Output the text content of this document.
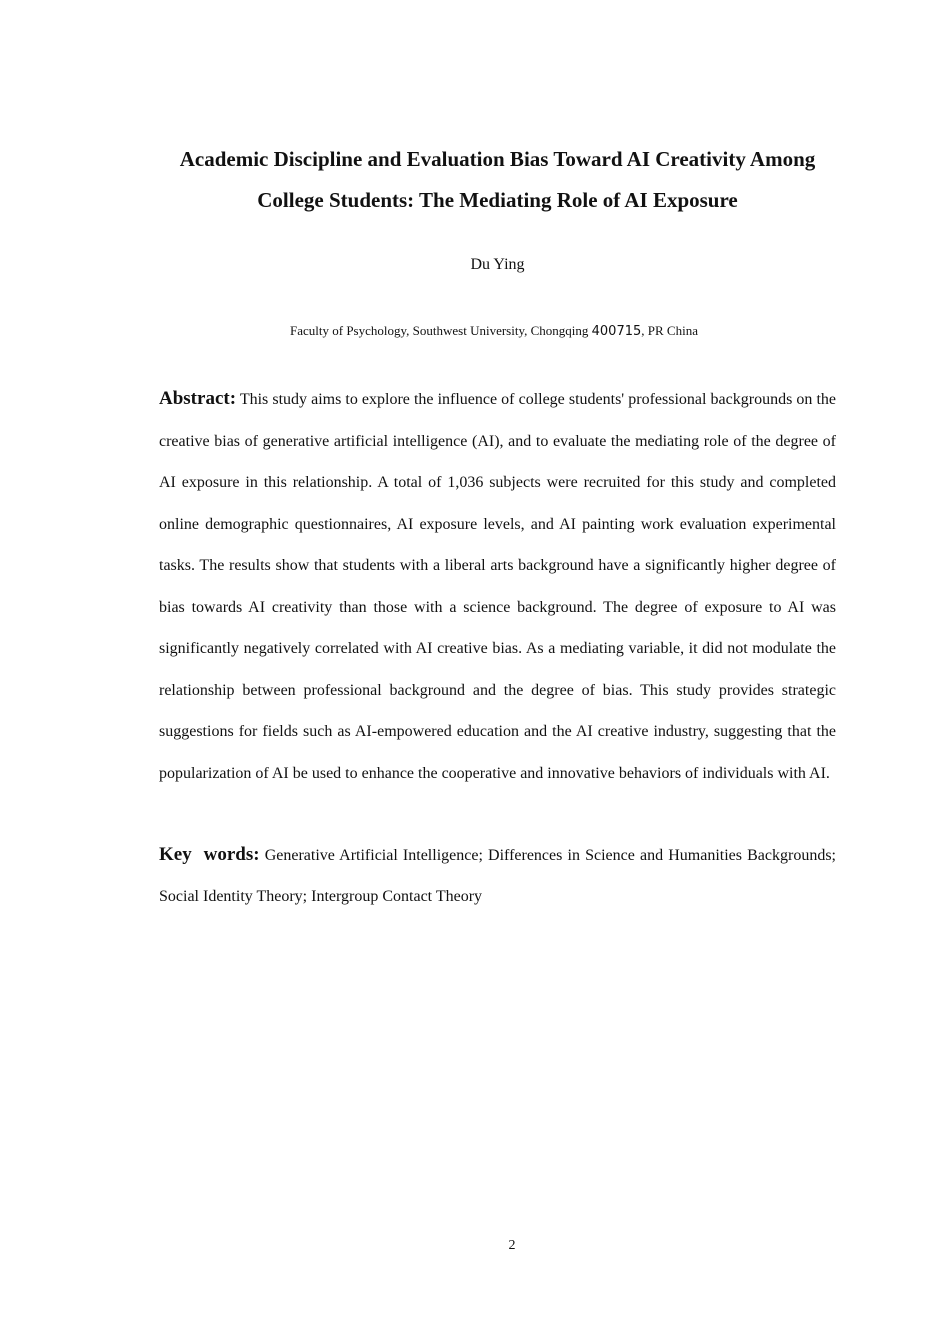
Academic Discipline and Evaluation Bias Toward AI Creativity Among College Students: The Mediating Role of AI Exposure

Du Ying

Faculty of Psychology, Southwest University, Chongqing 400715, PR China

Abstract: This study aims to explore the influence of college students' professional backgrounds on the creative bias of generative artificial intelligence (AI), and to evaluate the mediating role of the degree of AI exposure in this relationship. A total of 1,036 subjects were recruited for this study and completed online demographic questionnaires, AI exposure levels, and AI painting work evaluation experimental tasks. The results show that students with a liberal arts background have a significantly higher degree of bias towards AI creativity than those with a science background. The degree of exposure to AI was significantly negatively correlated with AI creative bias. As a mediating variable, it did not modulate the relationship between professional background and the degree of bias. This study provides strategic suggestions for fields such as AI-empowered education and the AI creative industry, suggesting that the popularization of AI be used to enhance the cooperative and innovative behaviors of individuals with AI.

Key words: Generative Artificial Intelligence; Differences in Science and Humanities Backgrounds; Social Identity Theory; Intergroup Contact Theory

2
